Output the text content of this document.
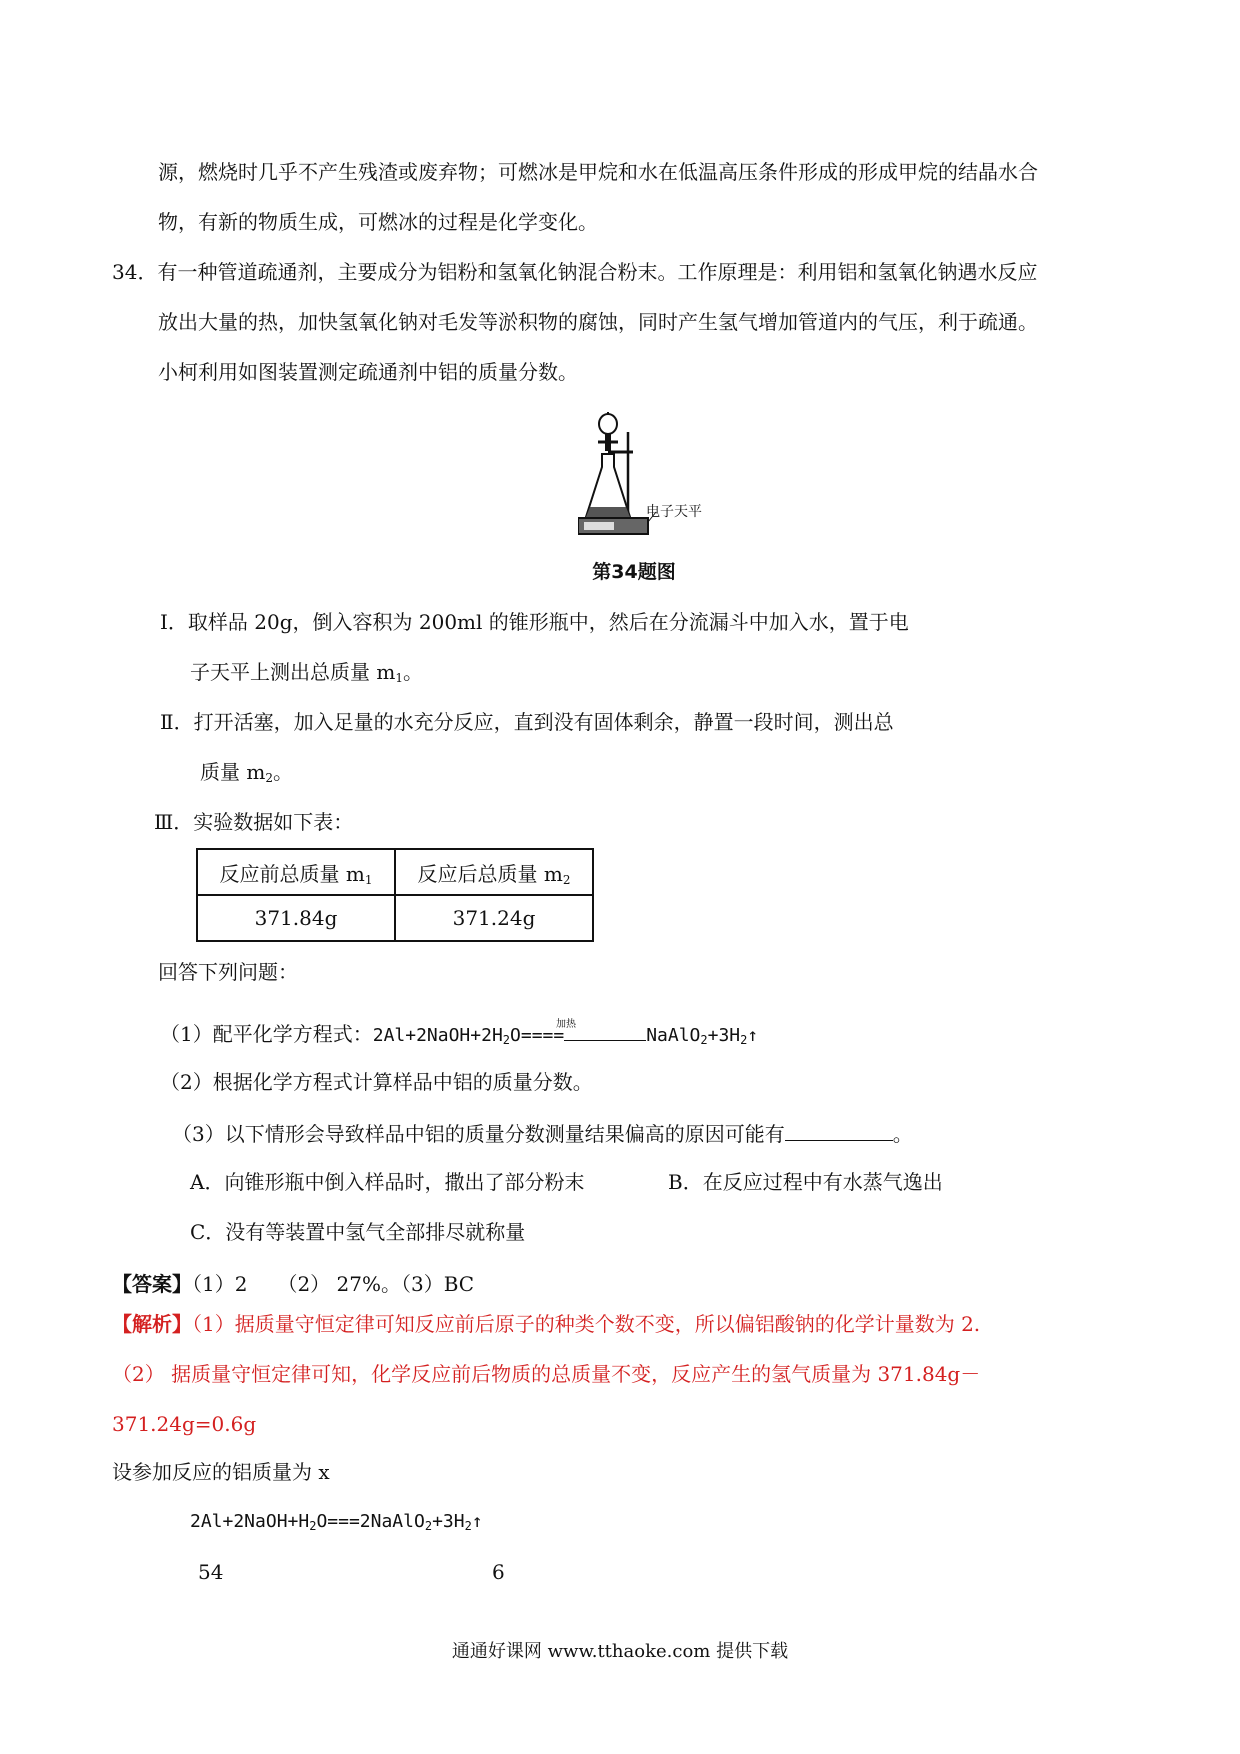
源，燃烧时几乎不产生残渣或废弃物；可燃冰是甲烷和水在低温高压条件形成的形成甲烷的结晶水合
物，有新的物质生成，可燃冰的过程是化学变化。
34．有一种管道疏通剂，主要成分为铝粉和氢氧化钠混合粉末。工作原理是：利用铝和氢氧化钠遇水反应
放出大量的热，加快氢氧化钠对毛发等淤积物的腐蚀，同时产生氢气增加管道内的气压，利于疏通。
小柯利用如图装置测定疏通剂中铝的质量分数。
电子天平
第34题图
Ⅰ．取样品 20g，倒入容积为 200ml 的锥形瓶中，然后在分流漏斗中加入水，置于电
子天平上测出总质量 $m_1$。
Ⅱ．打开活塞，加入足量的水充分反应，直到没有固体剩余，静置一段时间，测出总
质量 $m_2$。
Ⅲ．实验数据如下表：
反应前总质量 $m_1$	反应后总质量 $m_2$
371.84g	371.24g
回答下列问题：
（1）配平化学方程式：$2Al+2NaOH+2H_2O====$
加热
$NaAlO_2+3H_2↑$
（2）根据化学方程式计算样品中铝的质量分数。
（3）以下情形会导致样品中铝的质量分数测量结果偏高的原因可能有	。
A．向锥形瓶中倒入样品时，撒出了部分粉末	B．在反应过程中有水蒸气逸出
C．没有等装置中氢气全部排尽就称量
【答案】（1）2　　（2） 27%。（3）BC
【解析】（1）据质量守恒定律可知反应前后原子的种类个数不变，所以偏铝酸钠的化学计量数为 2.
（2） 据质量守恒定律可知，化学反应前后物质的总质量不变，反应产生的氢气质量为 371.84g－
371.24g=0.6g
设参加反应的铝质量为 x
$2Al+2NaOH+H_2O===2NaAlO_2+3H_2↑$
54	6
通通好课网 www.tthaoke.com 提供下载
